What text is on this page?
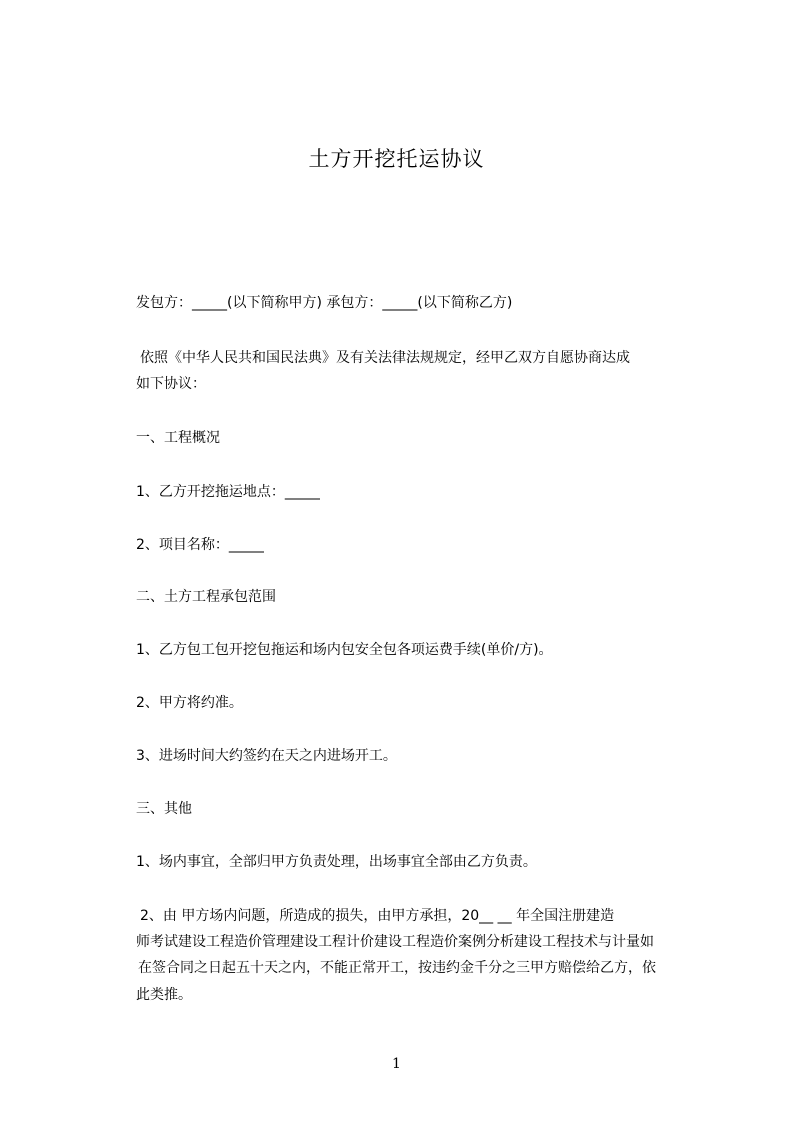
土方开挖托运协议
发包方：_____(以下简称甲方) 承包方：_____(以下简称乙方)
依照《中华人民共和国民法典》及有关法律法规规定，经甲乙双方自愿协商达成
如下协议：
一、工程概况
1、乙方开挖拖运地点：_____
2、项目名称：_____
二、土方工程承包范围
1、乙方包工包开挖包拖运和场内包安全包各项运费手续(单价/方)。
2、甲方将约准。
3、进场时间大约签约在天之内进场开工。
三、其他
1、场内事宜，全部归甲方负责处理，出场事宜全部由乙方负责。
2、由 甲方场内问题，所造成的损失，由甲方承担，20__ __ 年全国注册建造
师考试建设工程造价管理建设工程计价建设工程造价案例分析建设工程技术与计量如
在签合同之日起五十天之内，不能正常开工，按违约金千分之三甲方赔偿给乙方，依
此类推。
1
